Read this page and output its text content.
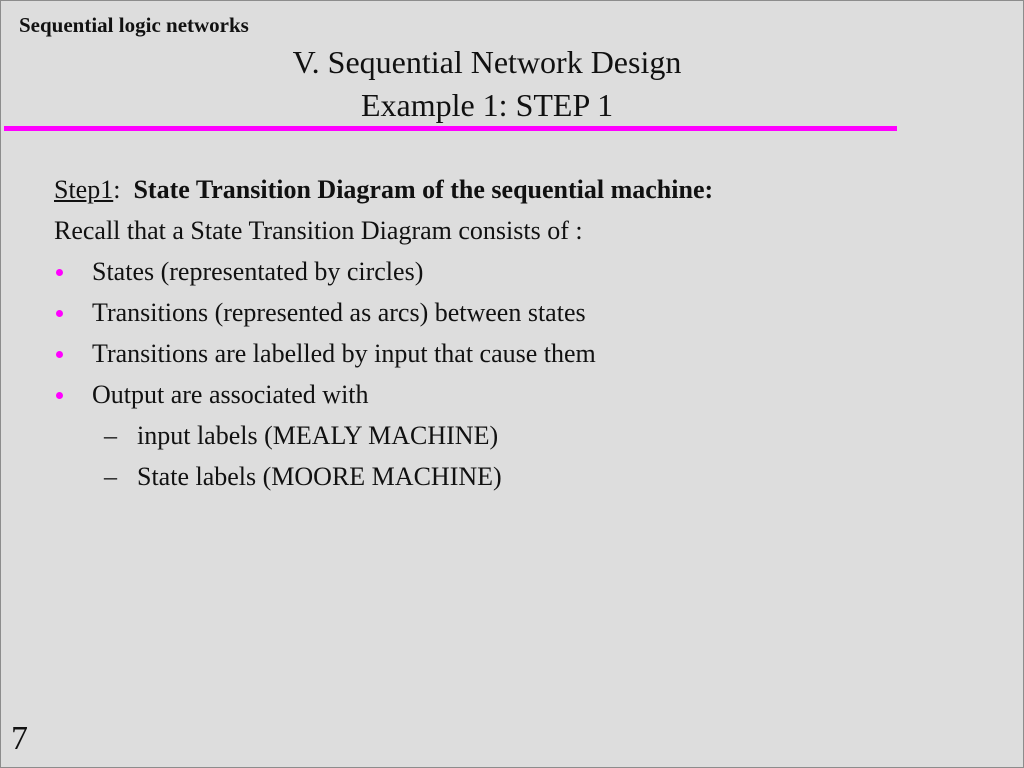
Sequential logic networks
V. Sequential Network Design
Example 1: STEP 1
Step1: State Transition Diagram of the sequential machine:
Recall that a State Transition Diagram consists of :
States (representated by circles)
Transitions (represented as arcs) between states
Transitions are labelled by input that cause them
Output are associated with
– input labels (MEALY MACHINE)
– State labels (MOORE MACHINE)
7
